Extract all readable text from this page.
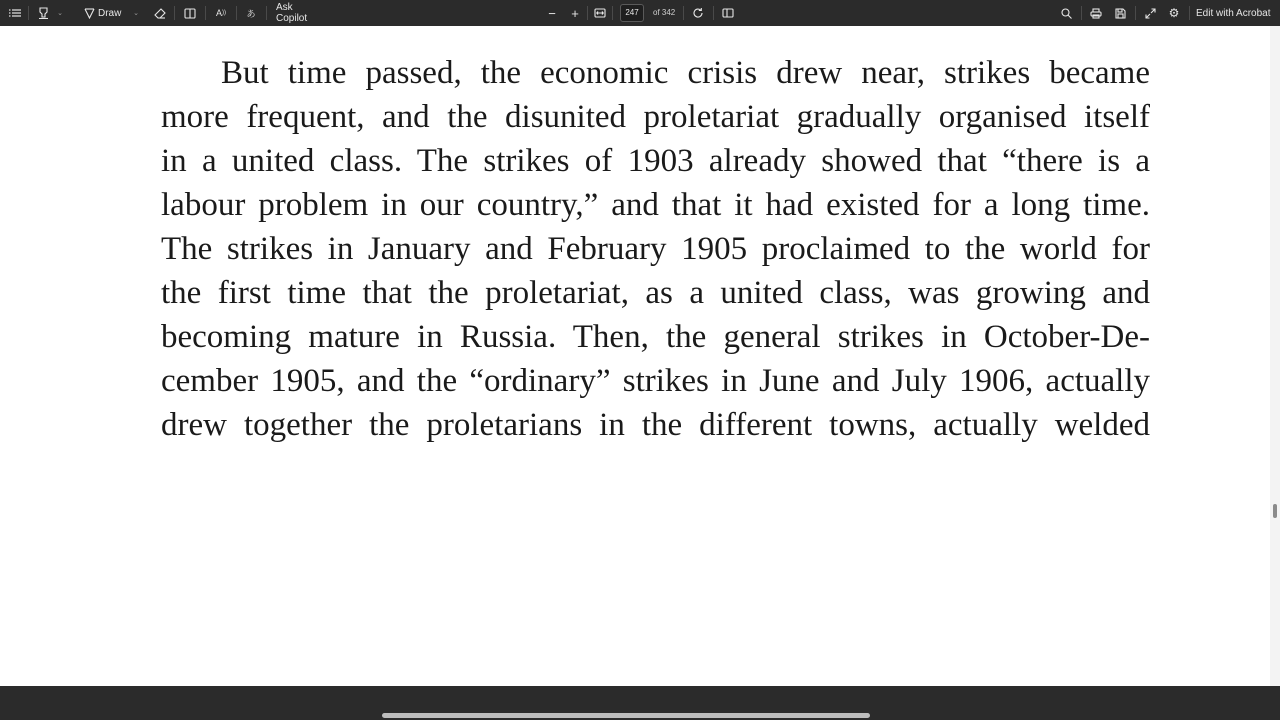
⌄	Draw ⌄	A ))	あ
Ask Copilot	− +
247	of 342	⚙ Edit with Acrobat
But time passed, the economic crisis drew near, strikes became
more frequent, and the disunited proletariat gradually organised itself
in a united class. The strikes of 1903 already showed that “there is a
labour problem in our country,” and that it had existed for a long time.
The strikes in January and February 1905 proclaimed to the world for
the first time that the proletariat, as a united class, was growing and
becoming mature in Russia. Then, the general strikes in October-De-
cember 1905, and the “ordinary” strikes in June and July 1906, actually
drew together the proletarians in the different towns, actually welded
